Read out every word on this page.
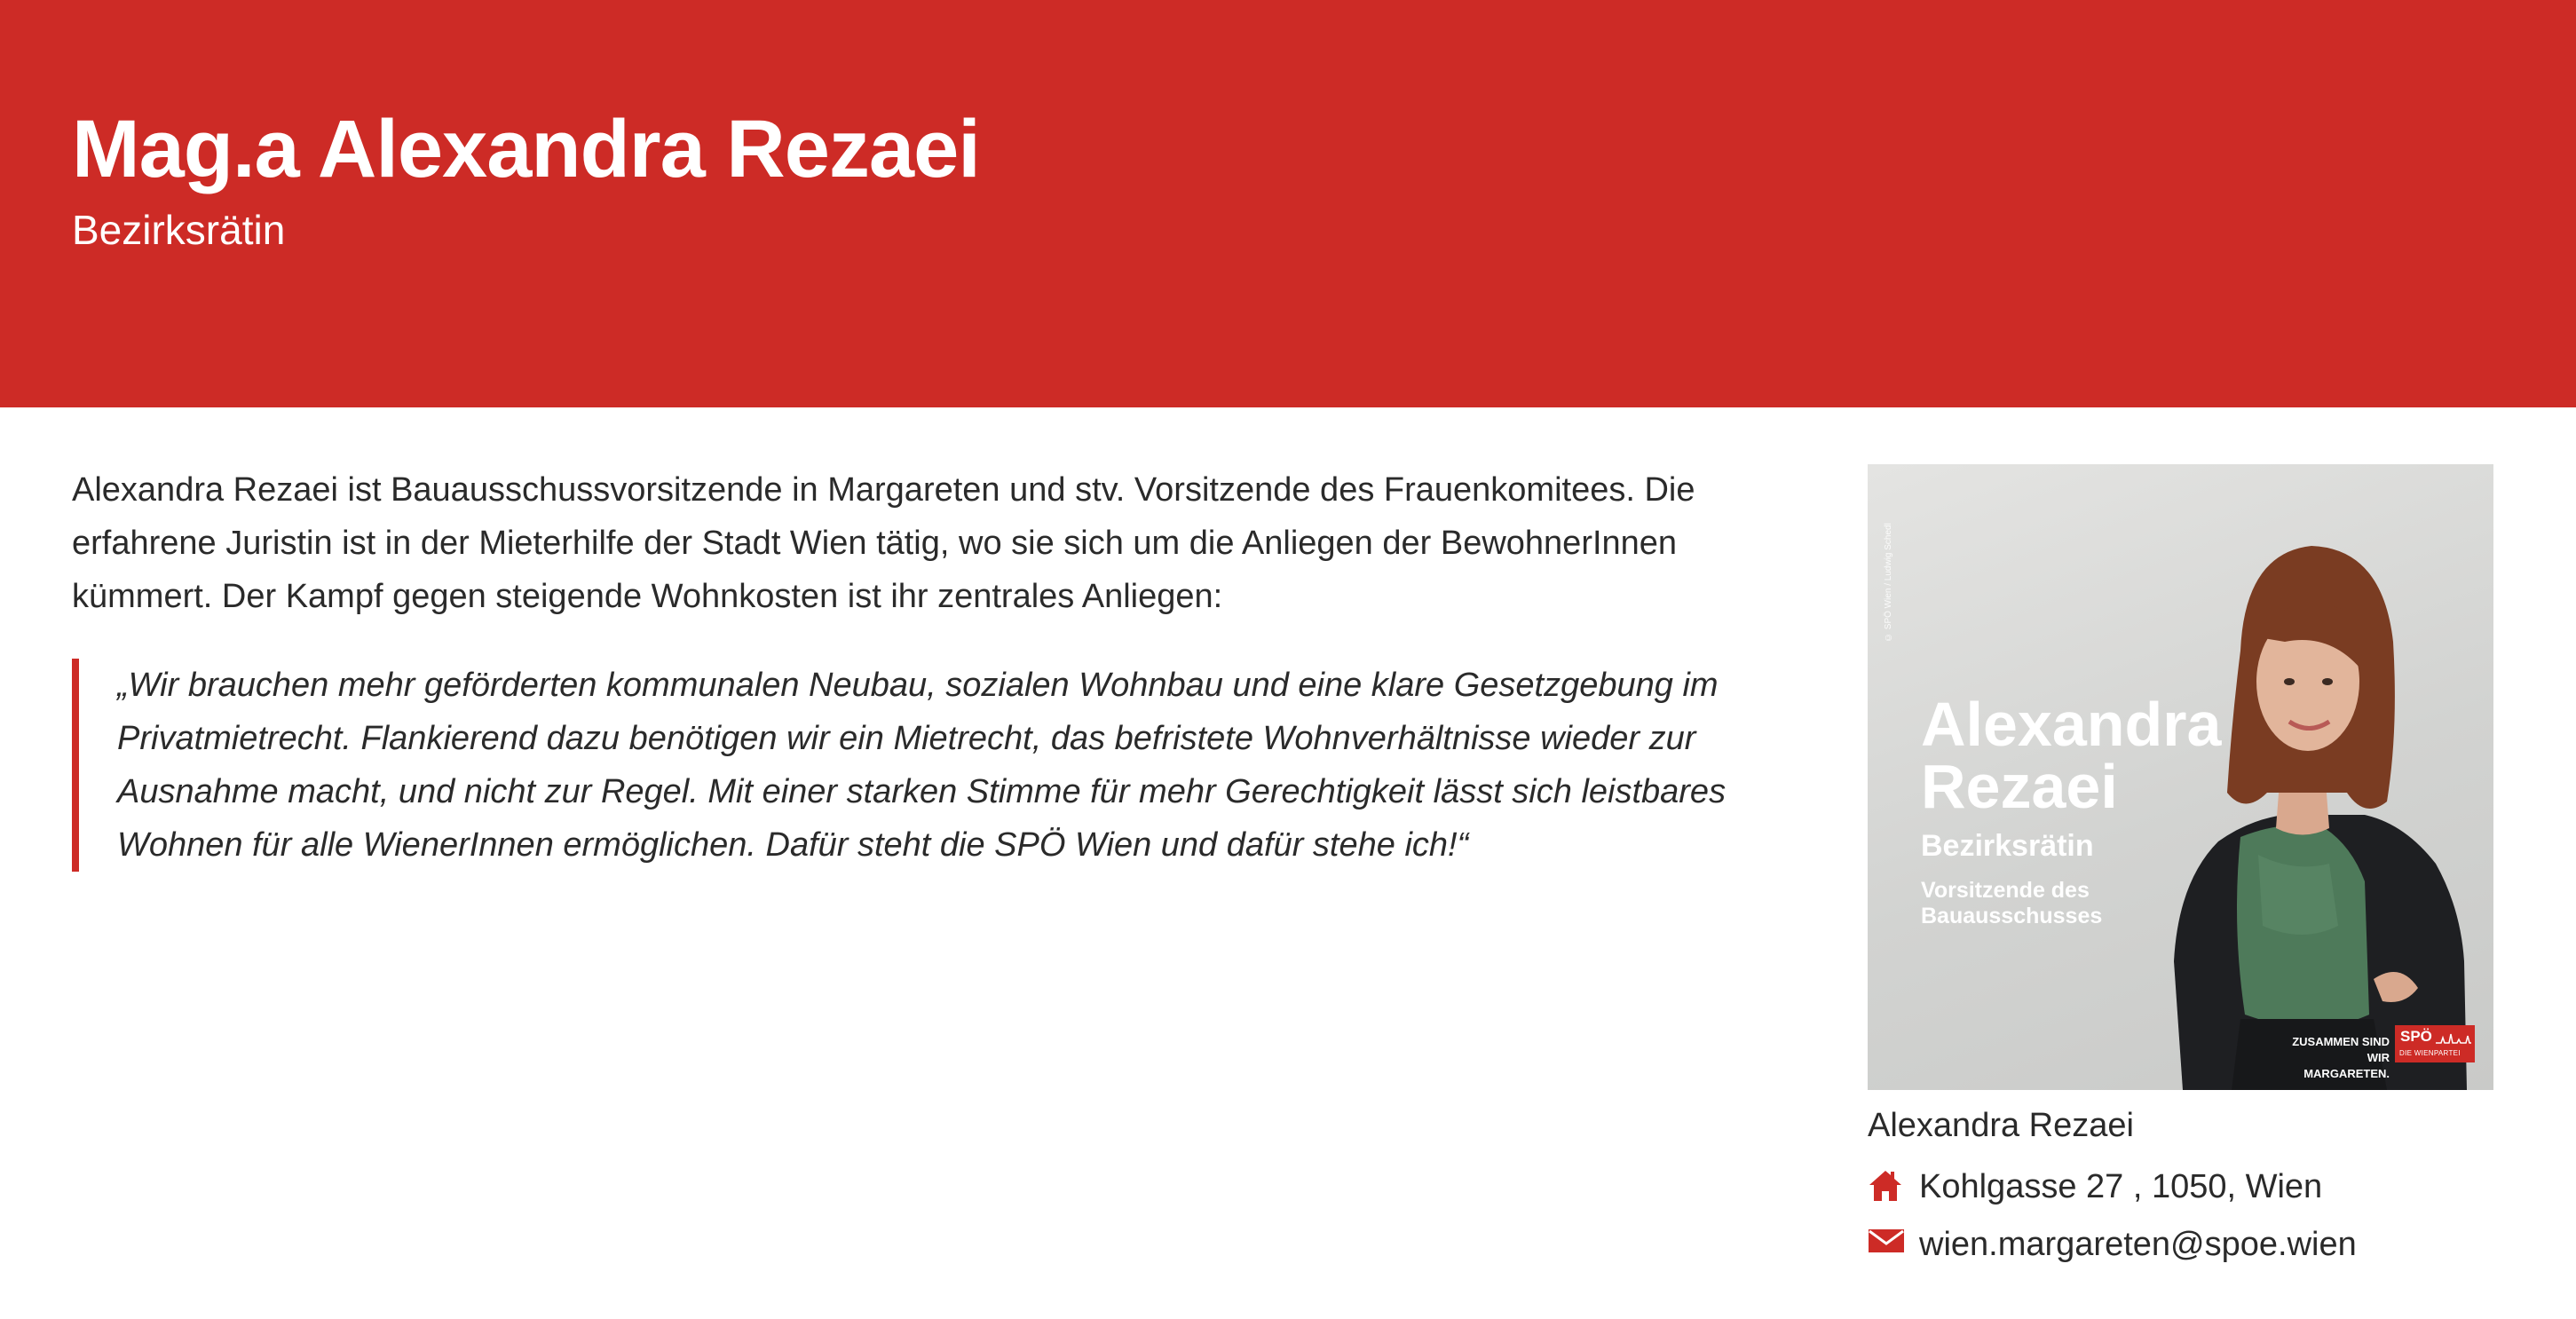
Mag.a Alexandra Rezaei

Bezirksrätin

Alexandra Rezaei ist Bauausschussvorsitzende in Margareten und stv. Vorsitzende des Frauenkomitees. Die erfahrene Juristin ist in der Mieterhilfe der Stadt Wien tätig, wo sie sich um die Anliegen der BewohnerInnen kümmert. Der Kampf gegen steigende Wohnkosten ist ihr zentrales Anliegen:

„Wir brauchen mehr geförderten kommunalen Neubau, sozialen Wohnbau und eine klare Gesetzgebung im Privatmietrecht. Flankierend dazu benötigen wir ein Mietrecht, das befristete Wohnverhältnisse wieder zur Ausnahme macht, und nicht zur Regel. Mit einer starken Stimme für mehr Gerechtigkeit lässt sich leistbares Wohnen für alle WienerInnen ermöglichen. Dafür steht die SPÖ Wien und dafür stehe ich!“

© SPÖ Wien / Ludwig Schedl

Alexandra
Rezaei

Bezirksrätin

Vorsitzende des Bauausschusses

ZUSAMMEN SIND
WIR MARGARETEN.

SPÖ
DIE WIENPARTEI

Alexandra Rezaei

Kohlgasse 27 , 1050, Wien
wien.margareten@spoe.wien
